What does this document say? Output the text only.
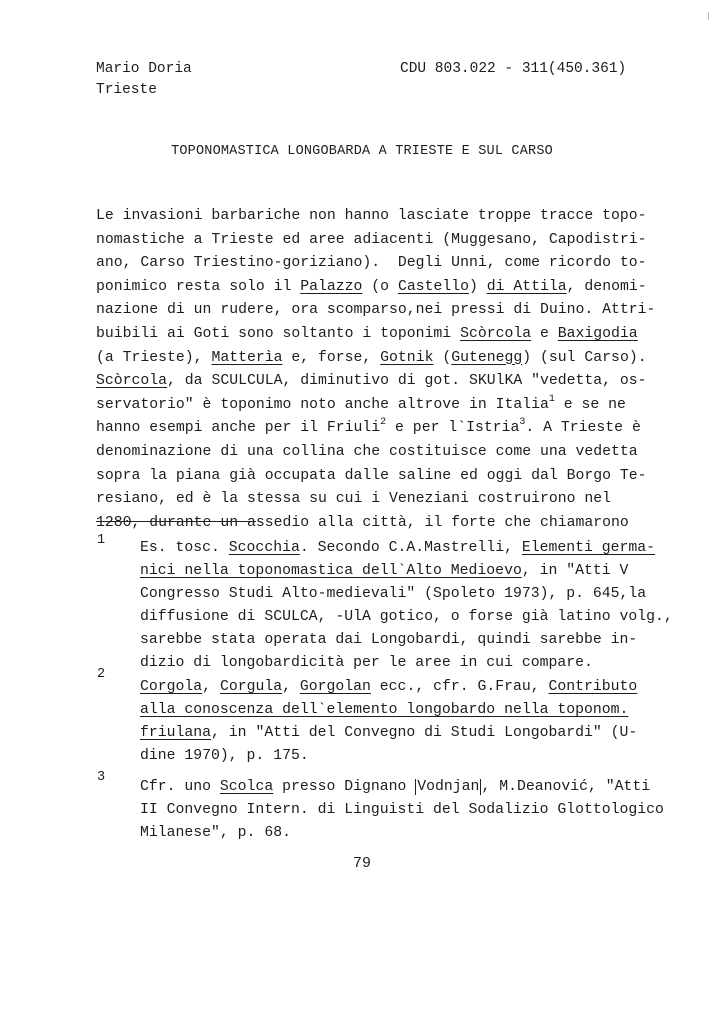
Mario Doria
Trieste
CDU 803.022 - 311(450.361)
TOPONOMASTICA LONGOBARDA A TRIESTE E SUL CARSO
Le invasioni barbariche non hanno lasciate troppe tracce topo-
nomastiche a Trieste ed aree adiacenti (Muggesano, Capodistri-
ano, Carso Triestino-goriziano).  Degli Unni, come ricordo to-
ponimico resta solo il Palazzo (o Castello) di Attila, denomi-
nazione di un rudere, ora scomparso,nei pressi di Duino. Attri-
buibili ai Goti sono soltanto i toponimi Scòrcola e Baxigodia
(a Trieste), Matterìa e, forse, Gotnik (Gutenegg) (sul Carso).
Scòrcola, da SCULCULA, diminutivo di got. SKUlKA "vedetta, os-
servatorio" è toponimo noto anche altrove in Italia$^1$ e se ne
hanno esempi anche per il Friuli$^2$ e per l`Istria$^3$. A Trieste è
denominazione di una collina che costituisce come una vedetta
sopra la piana già occupata dalle saline ed oggi dal Borgo Te-
resiano, ed è la stessa su cui i Veneziani costruirono nel
1280, durante un assedio alla città, il forte che chiamarono
1 Es. tosc. Scocchia. Secondo C.A.Mastrelli, Elementi germa-
nici nella toponomastica dell`Alto Medioevo, in "Atti V
Congresso Studi Alto-medievali" (Spoleto 1973), p. 645,la
diffusione di SCULCA, -UlA gotico, o forse già latino volg.,
sarebbe stata operata dai Longobardi, quindi sarebbe in-
dizio di longobardicità per le aree in cui compare.
2
Corgola, Corgula, Gorgolan ecc., cfr. G.Frau, Contributo
alla conoscenza dell`elemento longobardo nella toponom.
friulana, in "Atti del Convegno di Studi Longobardi" (U-
dine 1970), p. 175.
3
Cfr. uno Scolca presso Dignano Vodnjan , M.Deanović, "Atti
II Convegno Intern. di Linguisti del Sodalizio Glottologico
Milanese", p. 68.
79
